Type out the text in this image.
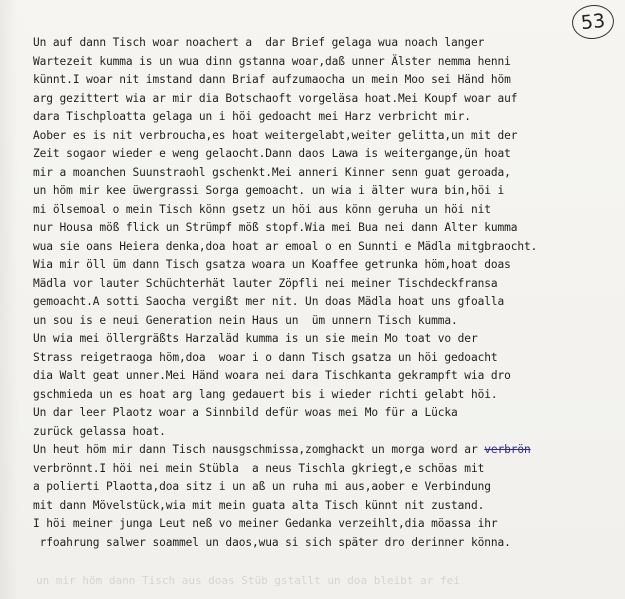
53
Un auf dann Tisch woar noachert a  dar Brief gelaga wua noach langer
Wartezeit kumma is un wua dinn gstanna woar,daß unner Älster nemma henni
künnt.I woar nit imstand dann Briaf aufzumaocha un mein Moo sei Händ höm
arg gezittert wia ar mir dia Botschaoft vorgeläsa hoat.Mei Koupf woar auf
dara Tischploatta gelaga un i höi gedoacht mei Harz verbricht mir.
Aober es is nit verbroucha,es hoat weitergelabt,weiter gelitta,un mit der
Zeit sogaor wieder e weng gelaocht.Dann daos Lawa is weitergange,ün hoat
mir a moanchen Suunstraohl gschenkt.Mei anneri Kinner senn guat geroada,
un höm mir kee üwergrassi Sorga gemoacht. un wia i älter wura bin,höi i
mi ölsemoal o mein Tisch könn gsetz un höi aus könn geruha un höi nit
nur Housa möß flick un Strümpf möß stopf.Wia mei Bua nei dann Alter kumma
wua sie oans Heiera denka,doa hoat ar emoal o en Sunnti e Mädla mitgbraocht.
Wia mir öll üm dann Tisch gsatza woara un Koaffee getrunka höm,hoat doas
Mädla vor lauter Schüchterhät lauter Zöpfli nei meiner Tischdeckfransa
gemoacht.A sotti Saocha vergißt mer nit. Un doas Mädla hoat uns gfoalla
un sou is e neui Generation nein Haus un  üm unnern Tisch kumma.
Un wia mei öllergräßts Harzaläd kumma is un sie mein Mo toat vo der
Strass reigetraoga höm,doa  woar i o dann Tisch gsatza un höi gedoacht
dia Walt geat unner.Mei Händ woara nei dara Tischkanta gekrampft wia dro
gschmieda un es hoat arg lang gedauert bis i wieder richti gelabt höi.
Un dar leer Plaotz woar a Sinnbild defür woas mei Mo für a Lücka
zurück gelassa hoat.
Un heut höm mir dann Tisch nausgschmissa,zomghackt un morga word ar verbrön
verbrönnt.I höi nei mein Stübla  a neus Tischla gkriegt,e schöas mit
a polierti Plaotta,doa sitz i un aß un ruha mi aus,aober e Verbindung
mit dann Mövelstück,wia mit mein guata alta Tisch künnt nit zustand.
I höi meiner junga Leut neß vo meiner Gedanka verzeihlt,dia möassa ihr
rfoahrung salwer soammel un daos,wua si sich später dro derinner könna.
un mir höm dann Tisch aus doas Stüb gstallt un doa bleibt ar fei
